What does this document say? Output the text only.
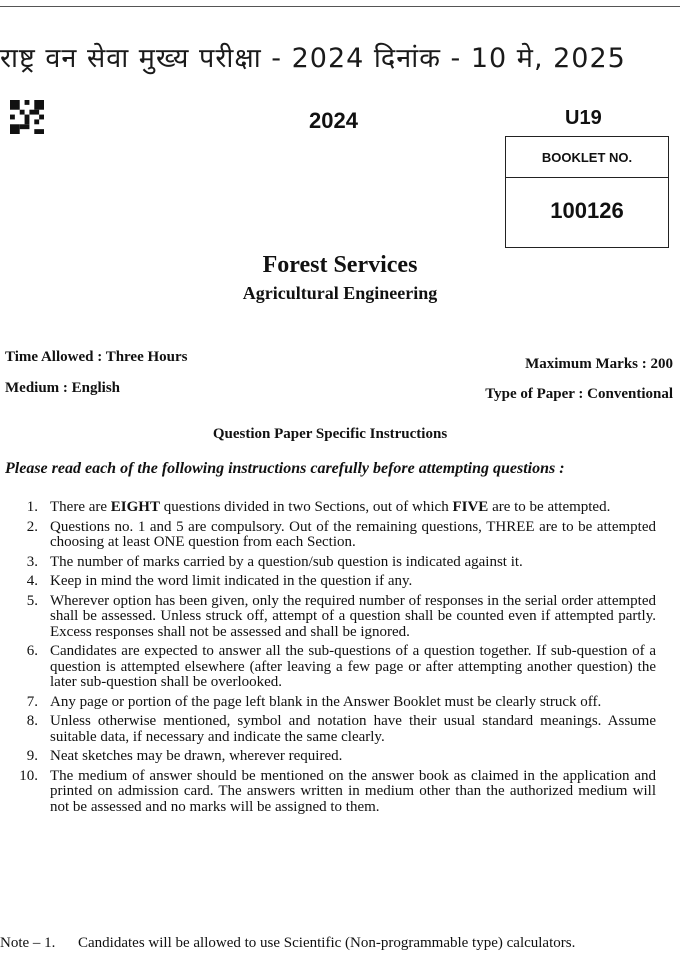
राष्ट्र वन सेवा मुख्य परीक्षा - 2024 दिनांक - 10 मे, 2025
2024	U19
BOOKLET NO.
100126
Forest Services
Agricultural Engineering
Time Allowed : Three Hours	Maximum Marks : 200
Medium : English	Type of Paper : Conventional
Question Paper Specific Instructions
Please read each of the following instructions carefully before attempting questions :
1. There are EIGHT questions divided in two Sections, out of which FIVE are to be attempted.
2. Questions no. 1 and 5 are compulsory. Out of the remaining questions, THREE are to be attempted choosing at least ONE question from each Section.
3. The number of marks carried by a question/sub question is indicated against it.
4. Keep in mind the word limit indicated in the question if any.
5. Wherever option has been given, only the required number of responses in the serial order attempted shall be assessed. Unless struck off, attempt of a question shall be counted even if attempted partly. Excess responses shall not be assessed and shall be ignored.
6. Candidates are expected to answer all the sub-questions of a question together. If sub-question of a question is attempted elsewhere (after leaving a few page or after attempting another question) the later sub-question shall be overlooked.
7. Any page or portion of the page left blank in the Answer Booklet must be clearly struck off.
8. Unless otherwise mentioned, symbol and notation have their usual standard meanings. Assume suitable data, if necessary and indicate the same clearly.
9. Neat sketches may be drawn, wherever required.
10. The medium of answer should be mentioned on the answer book as claimed in the application and printed on admission card. The answers written in medium other than the authorized medium will not be assessed and no marks will be assigned to them.
Note – 1. Candidates will be allowed to use Scientific (Non-programmable type) calculators.
